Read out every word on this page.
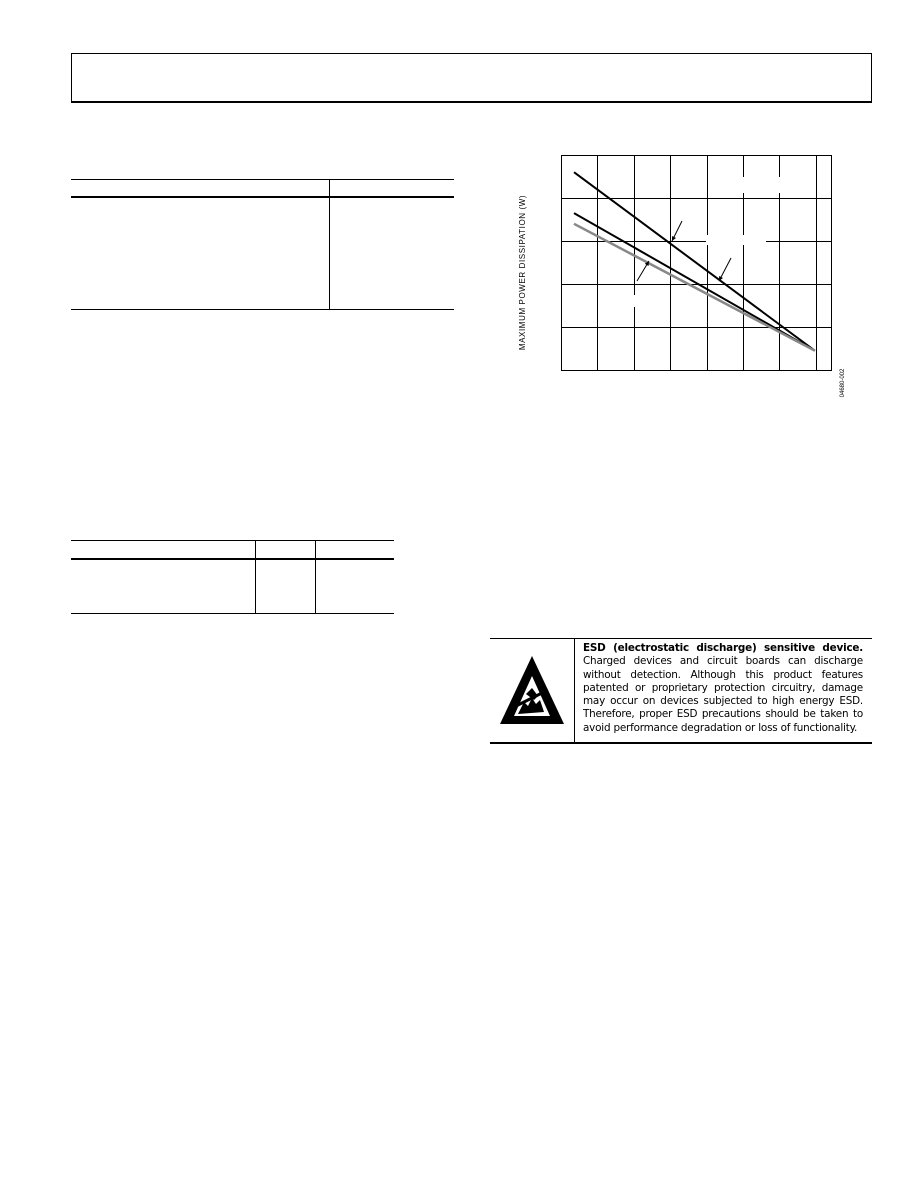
MAXIMUM POWER DISSIPATION (W)
04680-002
ESD (electrostatic discharge) sensitive device.
Charged devices and circuit boards can discharge
without detection. Although this product features
patented or proprietary protection circuitry, damage
may occur on devices subjected to high energy ESD.
Therefore, proper ESD precautions should be taken to
avoid performance degradation or loss of functionality.
